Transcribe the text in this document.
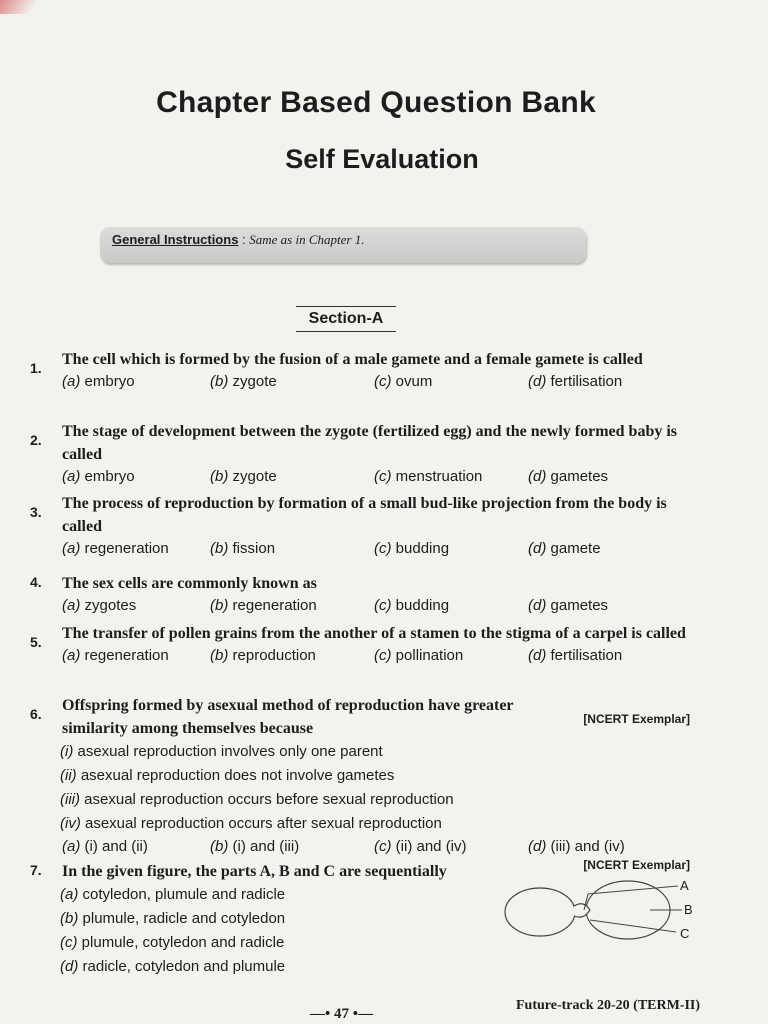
Chapter Based Question Bank
Self Evaluation
General Instructions : Same as in Chapter 1.
Section-A
1.	The cell which is formed by the fusion of a male gamete and a female gamete is called
(a) embryo	(b) zygote	(c) ovum	(d) fertilisation
2.	The stage of development between the zygote (fertilized egg) and the newly formed baby is called
(a) embryo	(b) zygote	(c) menstruation	(d) gametes
3.	The process of reproduction by formation of a small bud-like projection from the body is called
(a) regeneration	(b) fission	(c) budding	(d) gamete
4.	The sex cells are commonly known as
(a) zygotes	(b) regeneration	(c) budding	(d) gametes
5.	The transfer of pollen grains from the another of a stamen to the stigma of a carpel is called
(a) regeneration	(b) reproduction	(c) pollination	(d) fertilisation
6.	Offspring formed by asexual method of reproduction have greater similarity among themselves because
[NCERT Exemplar]
(i) asexual reproduction involves only one parent
(ii) asexual reproduction does not involve gametes
(iii) asexual reproduction occurs before sexual reproduction
(iv) asexual reproduction occurs after sexual reproduction
(a) (i) and (ii)	(b) (i) and (iii)	(c) (ii) and (iv)	(d) (iii) and (iv)
7.	In the given figure, the parts A, B and C are sequentially	[NCERT Exemplar]
(a) cotyledon, plumule and radicle
(b) plumule, radicle and cotyledon
(c) plumule, cotyledon and radicle
(d) radicle, cotyledon and plumule
A
B
C
—• 47 •—
Future-track 20-20 (TERM-II)
